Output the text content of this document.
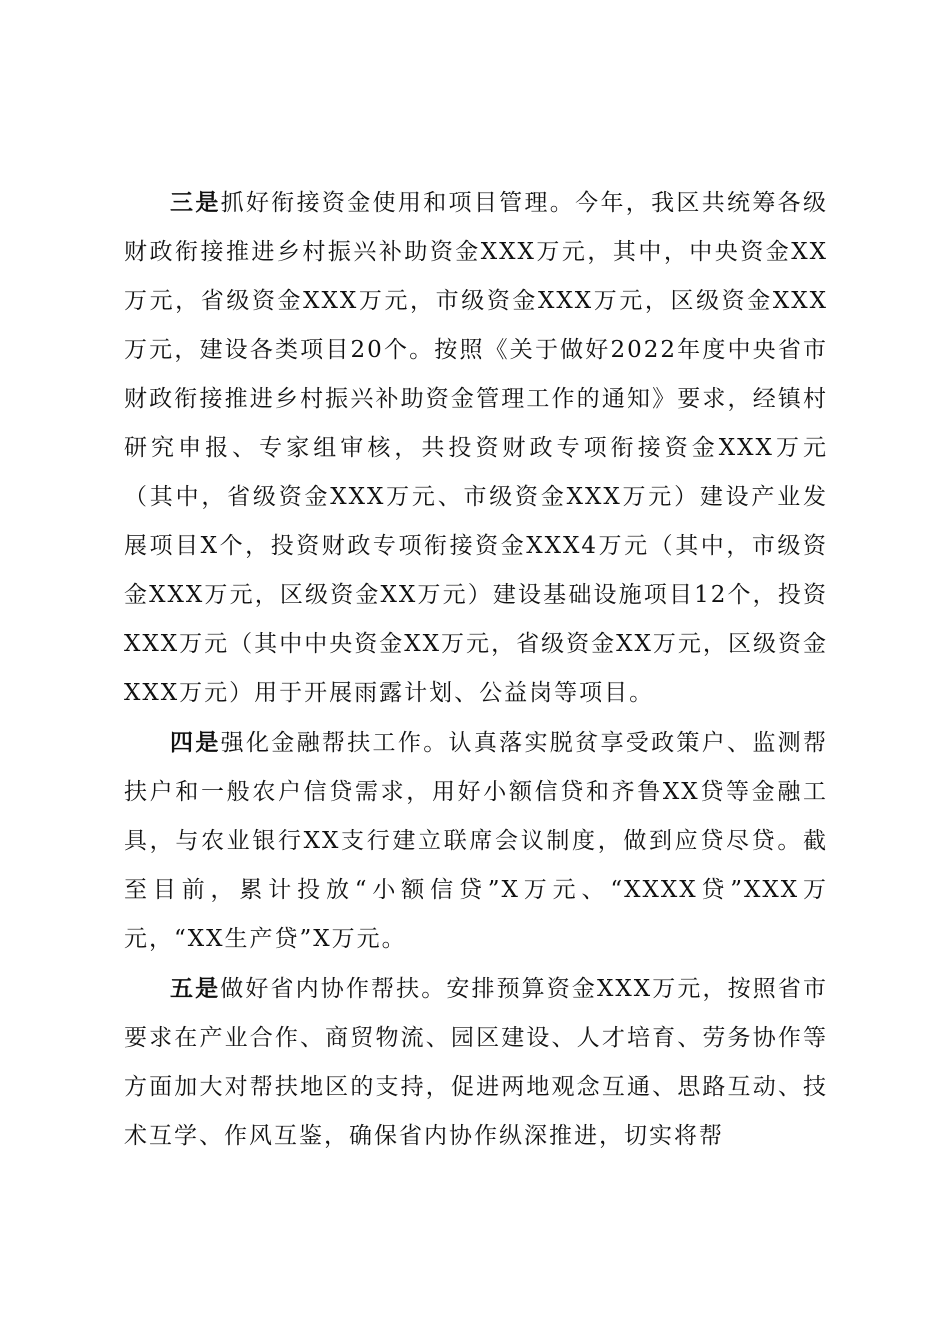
三是抓好衔接资金使用和项目管理。今年，我区共统筹各级财政衔接推进乡村振兴补助资金XXX万元，其中，中央资金XX万元，省级资金XXX万元，市级资金XXX万元，区级资金XXX万元，建设各类项目20个。按照《关于做好2022年度中央省市财政衔接推进乡村振兴补助资金管理工作的通知》要求，经镇村研究申报、专家组审核，共投资财政专项衔接资金XXX万元（其中，省级资金XXX万元、市级资金XXX万元）建设产业发展项目X个，投资财政专项衔接资金XXX4万元（其中，市级资金XXX万元，区级资金XX万元）建设基础设施项目12个，投资XXX万元（其中中央资金XX万元，省级资金XX万元，区级资金XXX万元）用于开展雨露计划、公益岗等项目。

四是强化金融帮扶工作。认真落实脱贫享受政策户、监测帮扶户和一般农户信贷需求，用好小额信贷和齐鲁XX贷等金融工具，与农业银行XX支行建立联席会议制度，做到应贷尽贷。截至目前，累计投放“小额信贷”X万元、“XXXX贷”XXX万元，“XX生产贷”X万元。

五是做好省内协作帮扶。安排预算资金XXX万元，按照省市要求在产业合作、商贸物流、园区建设、人才培育、劳务协作等方面加大对帮扶地区的支持，促进两地观念互通、思路互动、技术互学、作风互鉴，确保省内协作纵深推进，切实将帮
